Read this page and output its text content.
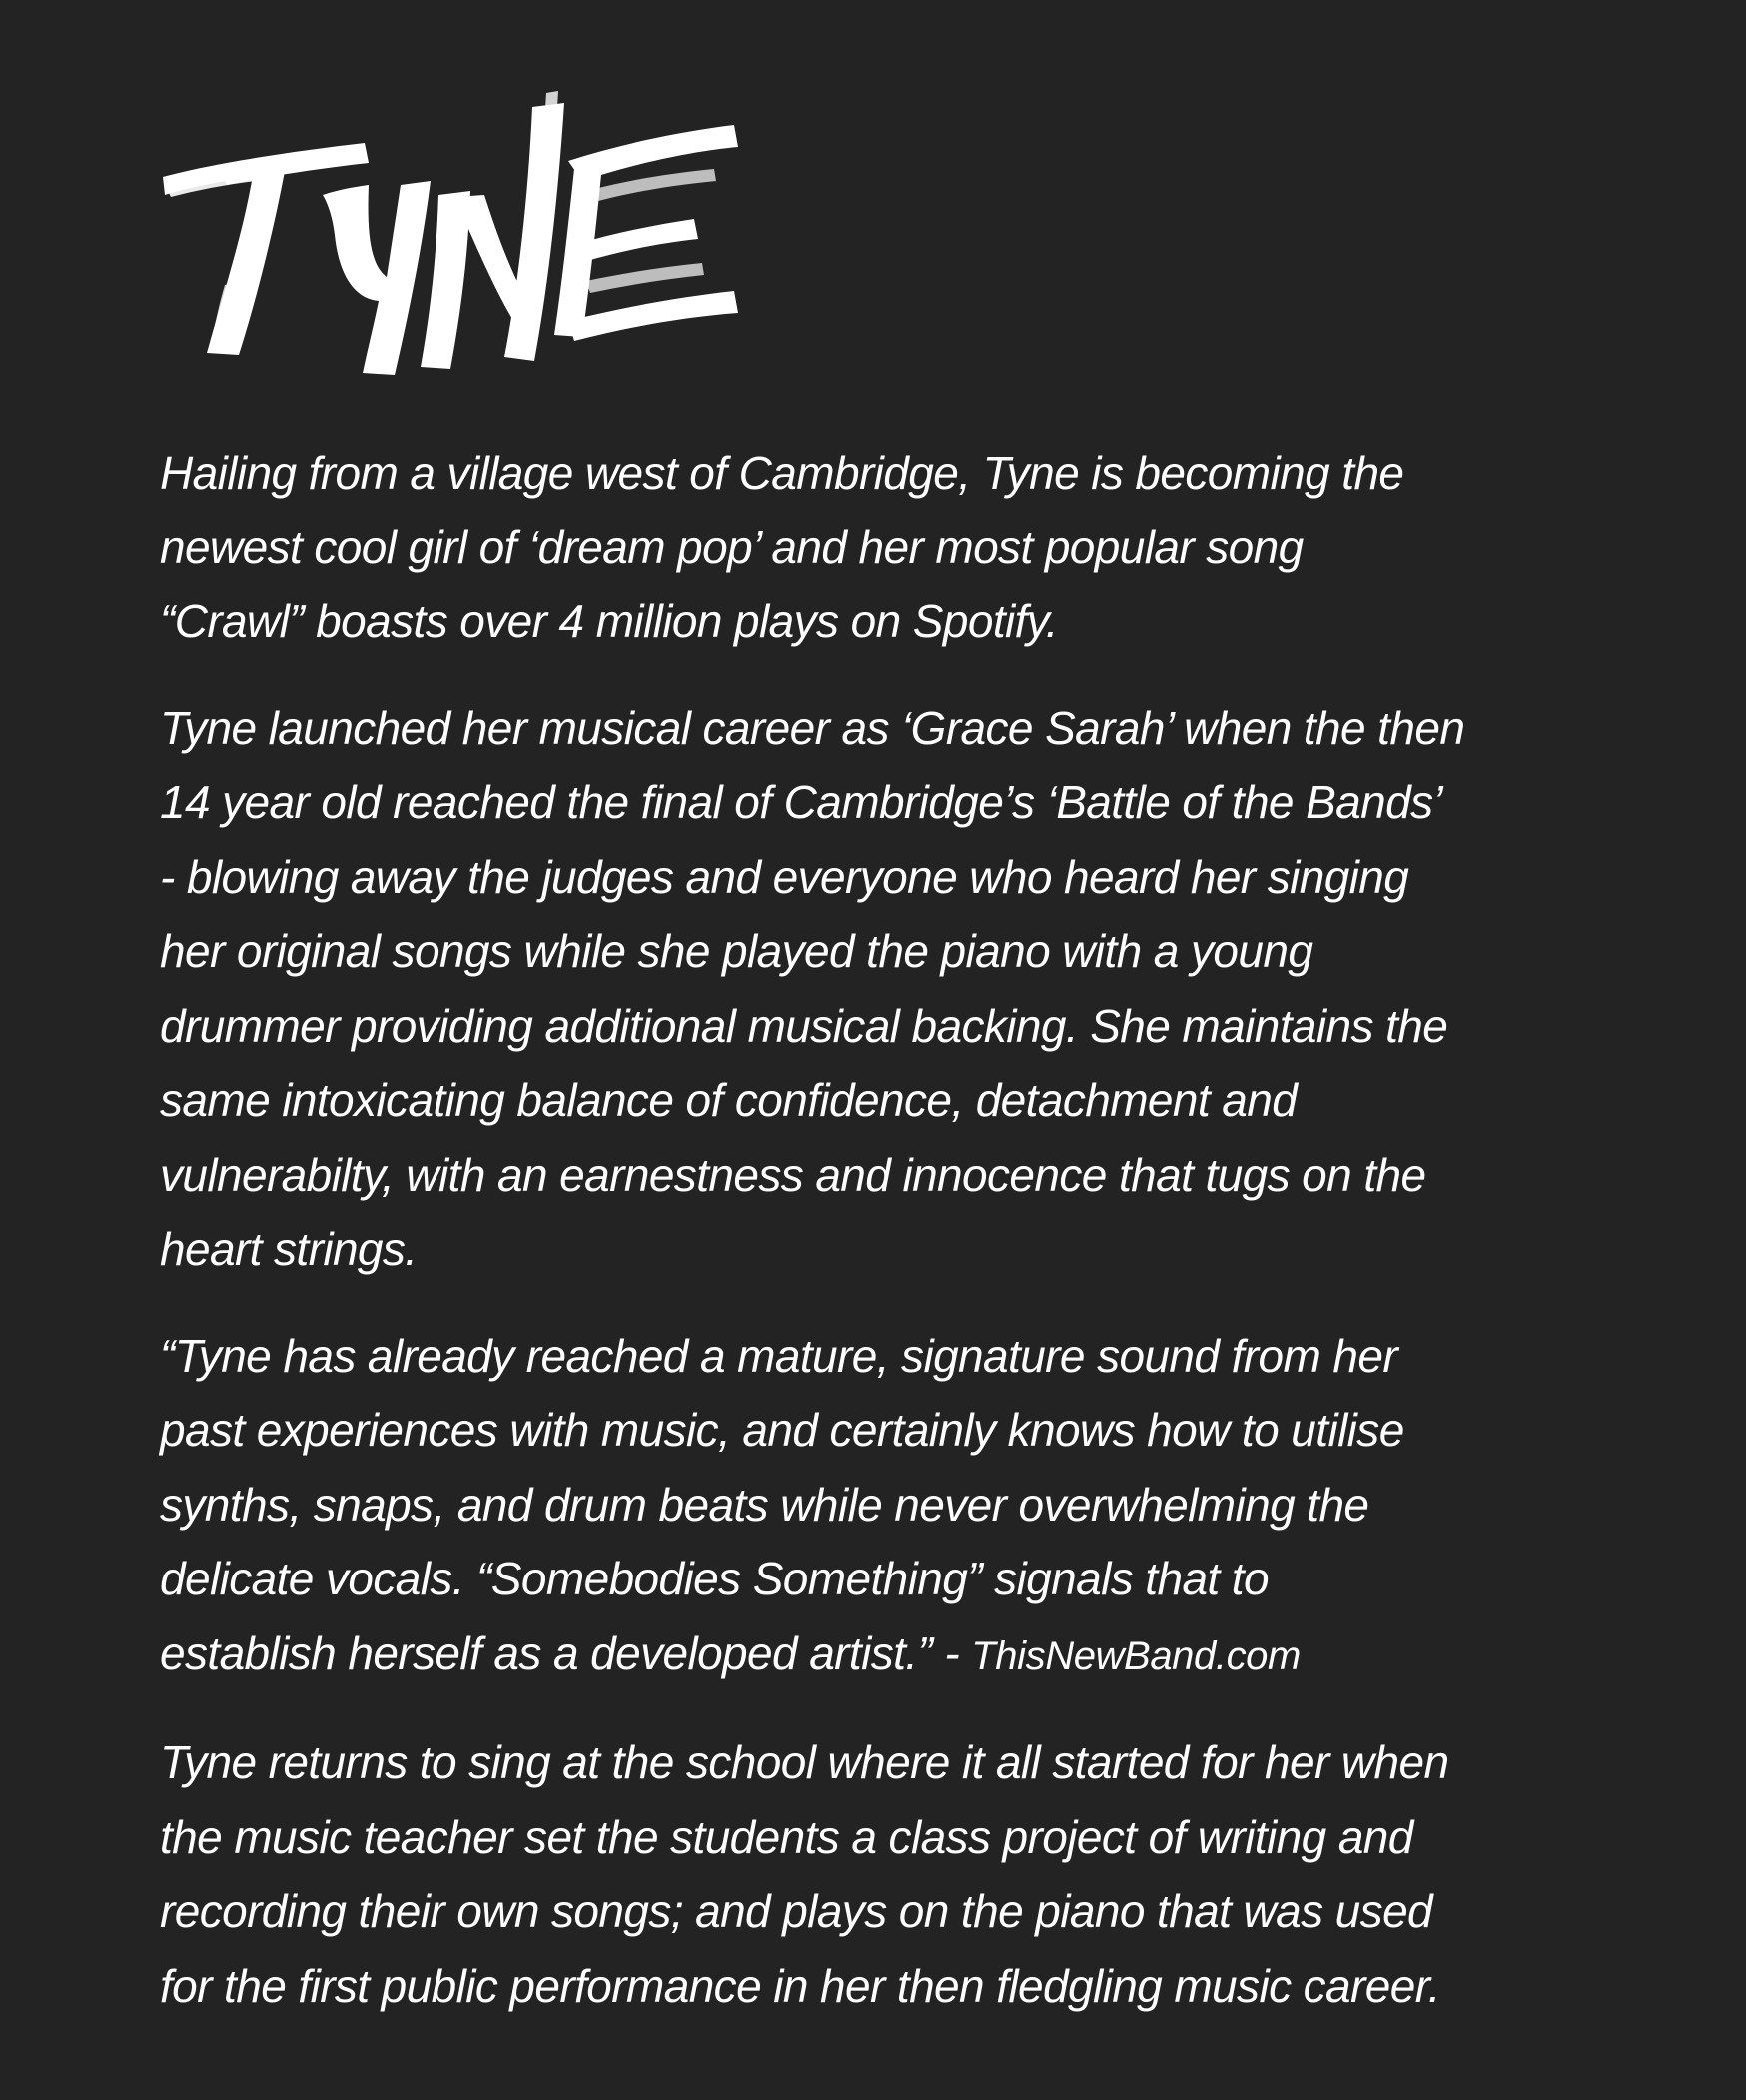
Hailing from a village west of Cambridge, Tyne is becoming the
newest cool girl of ‘dream pop’ and her most popular song
“Crawl” boasts over 4 million plays on Spotify.

Tyne launched her musical career as ‘Grace Sarah’ when the then
14 year old reached the final of Cambridge’s ‘Battle of the Bands’
- blowing away the judges and everyone who heard her singing
her original songs while she played the piano with a young
drummer providing additional musical backing. She maintains the
same intoxicating balance of confidence, detachment and
vulnerabilty, with an earnestness and innocence that tugs on the
heart strings.

“Tyne has already reached a mature, signature sound from her
past experiences with music, and certainly knows how to utilise
synths, snaps, and drum beats while never overwhelming the
delicate vocals. “Somebodies Something” signals that to
establish herself as a developed artist.” - ThisNewBand.com

Tyne returns to sing at the school where it all started for her when
the music teacher set the students a class project of writing and
recording their own songs; and plays on the piano that was used
for the first public performance in her then fledgling music career.
